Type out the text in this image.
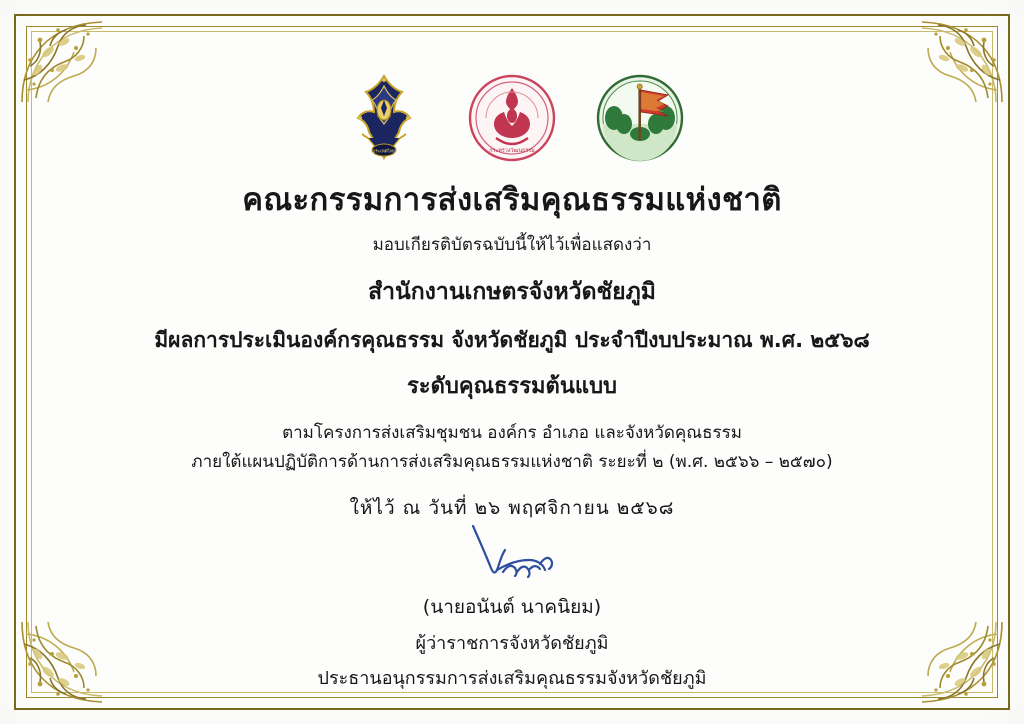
ประเทศไทย	กระทรวงวัฒนธรรม
คณะกรรมการส่งเสริมคุณธรรมแห่งชาติ
มอบเกียรติบัตรฉบับนี้ให้ไว้เพื่อแสดงว่า
สำนักงานเกษตรจังหวัดชัยภูมิ
มีผลการประเมินองค์กรคุณธรรม จังหวัดชัยภูมิ ประจำปีงบประมาณ พ.ศ. ๒๕๖๘
ระดับคุณธรรมต้นแบบ
ตามโครงการส่งเสริมชุมชน องค์กร อำเภอ และจังหวัดคุณธรรม
ภายใต้แผนปฏิบัติการด้านการส่งเสริมคุณธรรมแห่งชาติ ระยะที่ ๒ (พ.ศ. ๒๕๖๖ – ๒๕๗๐)
ให้ไว้ ณ วันที่ ๒๖ พฤศจิกายน ๒๕๖๘
(นายอนันต์ นาคนิยม)
ผู้ว่าราชการจังหวัดชัยภูมิ
ประธานอนุกรรมการส่งเสริมคุณธรรมจังหวัดชัยภูมิ
